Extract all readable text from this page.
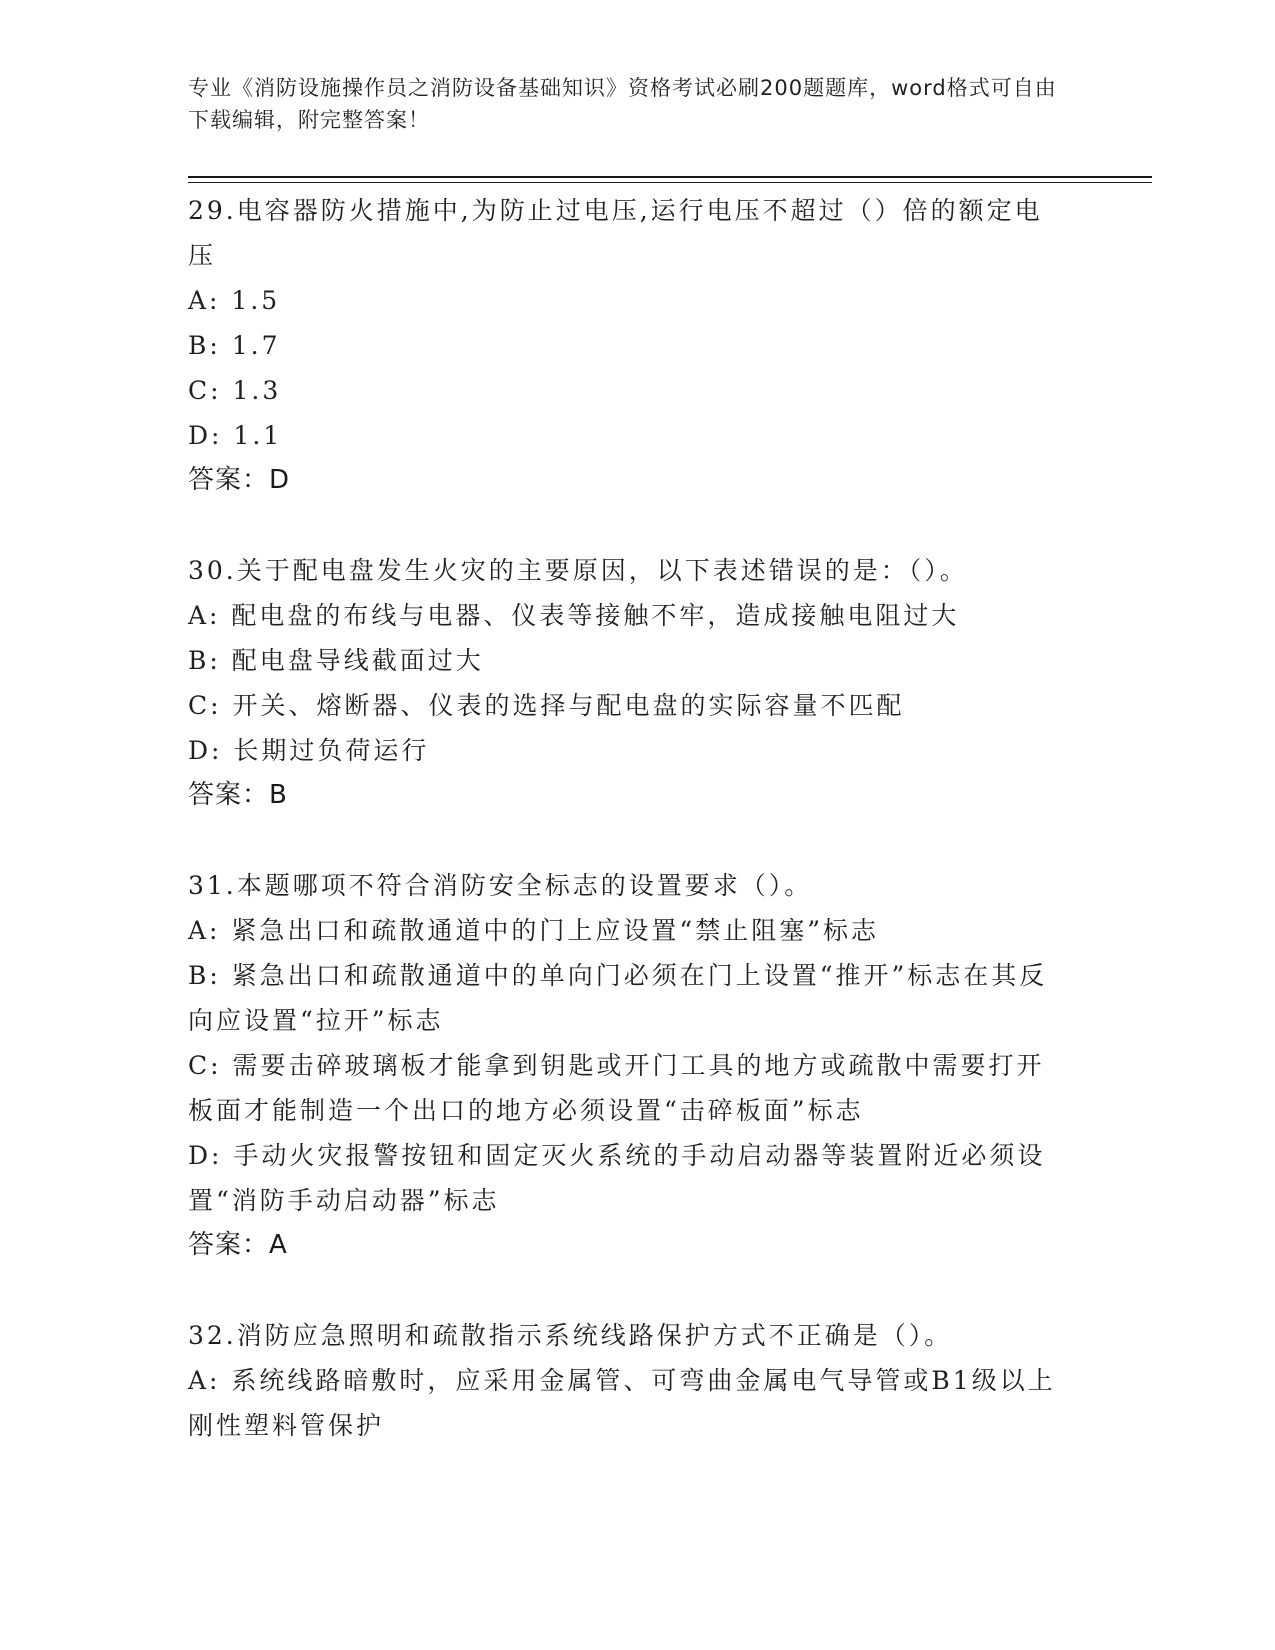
专业《消防设施操作员之消防设备基础知识》资格考试必刷200题题库，word格式可自由下载编辑，附完整答案！

29.电容器防火措施中,为防止过电压,运行电压不超过（）倍的额定电压

A: 1.5

B: 1.7

C: 1.3

D: 1.1

答案：D

30.关于配电盘发生火灾的主要原因，以下表述错误的是：（）。

A: 配电盘的布线与电器、仪表等接触不牢，造成接触电阻过大

B: 配电盘导线截面过大

C: 开关、熔断器、仪表的选择与配电盘的实际容量不匹配

D: 长期过负荷运行

答案：B

31.本题哪项不符合消防安全标志的设置要求（）。

A: 紧急出口和疏散通道中的门上应设置“禁止阻塞”标志

B: 紧急出口和疏散通道中的单向门必须在门上设置“推开”标志在其反向应设置“拉开”标志

C: 需要击碎玻璃板才能拿到钥匙或开门工具的地方或疏散中需要打开板面才能制造一个出口的地方必须设置“击碎板面”标志

D: 手动火灾报警按钮和固定灭火系统的手动启动器等装置附近必须设置“消防手动启动器”标志

答案：A

32.消防应急照明和疏散指示系统线路保护方式不正确是（）。

A: 系统线路暗敷时，应采用金属管、可弯曲金属电气导管或B1级以上刚性塑料管保护
